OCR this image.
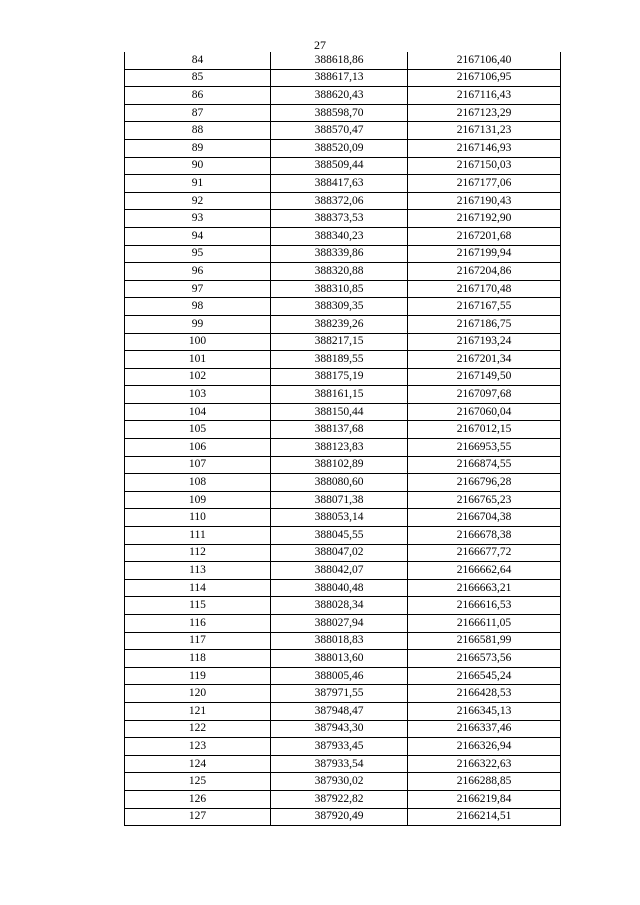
27
84	388618,86	2167106,40
85	388617,13	2167106,95
86	388620,43	2167116,43
87	388598,70	2167123,29
88	388570,47	2167131,23
89	388520,09	2167146,93
90	388509,44	2167150,03
91	388417,63	2167177,06
92	388372,06	2167190,43
93	388373,53	2167192,90
94	388340,23	2167201,68
95	388339,86	2167199,94
96	388320,88	2167204,86
97	388310,85	2167170,48
98	388309,35	2167167,55
99	388239,26	2167186,75
100	388217,15	2167193,24
101	388189,55	2167201,34
102	388175,19	2167149,50
103	388161,15	2167097,68
104	388150,44	2167060,04
105	388137,68	2167012,15
106	388123,83	2166953,55
107	388102,89	2166874,55
108	388080,60	2166796,28
109	388071,38	2166765,23
110	388053,14	2166704,38
111	388045,55	2166678,38
112	388047,02	2166677,72
113	388042,07	2166662,64
114	388040,48	2166663,21
115	388028,34	2166616,53
116	388027,94	2166611,05
117	388018,83	2166581,99
118	388013,60	2166573,56
119	388005,46	2166545,24
120	387971,55	2166428,53
121	387948,47	2166345,13
122	387943,30	2166337,46
123	387933,45	2166326,94
124	387933,54	2166322,63
125	387930,02	2166288,85
126	387922,82	2166219,84
127	387920,49	2166214,51
